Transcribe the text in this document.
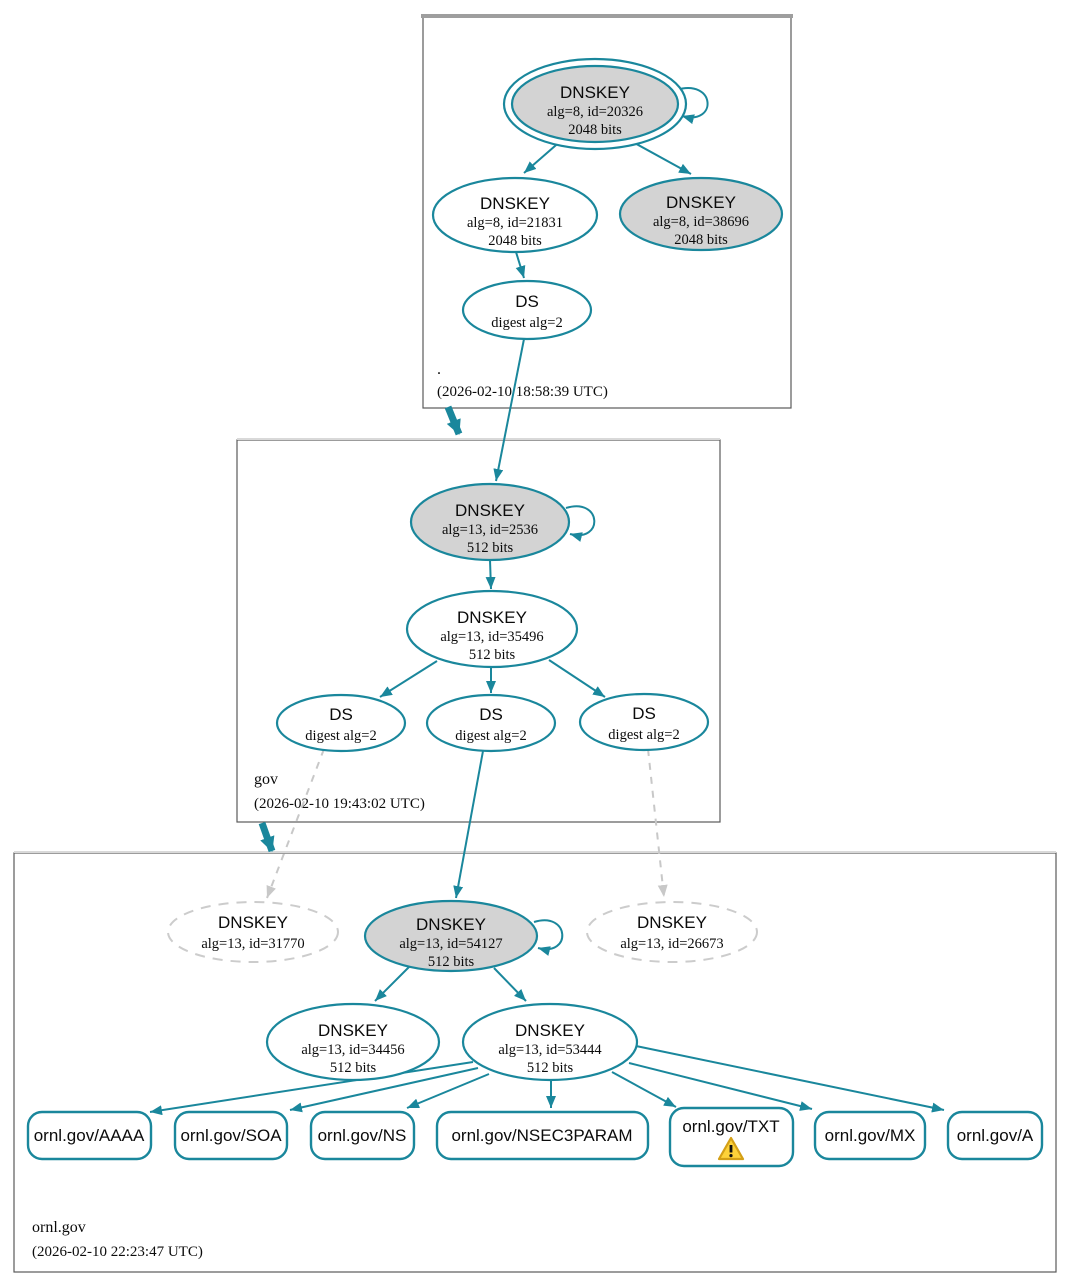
.
(2026-02-10 18:58:39 UTC)
gov
(2026-02-10 19:43:02 UTC)
ornl.gov
(2026-02-10 22:23:47 UTC)
DNSKEY
alg=8, id=20326
2048 bits
DNSKEY
alg=8, id=21831
2048 bits
DNSKEY
alg=8, id=38696
2048 bits
DS
digest alg=2
DNSKEY
alg=13, id=2536
512 bits
DNSKEY
alg=13, id=35496
512 bits
DS
digest alg=2
DS
digest alg=2
DS
digest alg=2
DNSKEY
alg=13, id=31770
DNSKEY
alg=13, id=54127
512 bits
DNSKEY
alg=13, id=26673
DNSKEY
alg=13, id=34456
512 bits
DNSKEY
alg=13, id=53444
512 bits
ornl.gov/AAAA ornl.gov/SOA ornl.gov/NS	ornl.gov/NSEC3PARAM	ornl.gov/TXT	ornl.gov/MX ornl.gov/A
